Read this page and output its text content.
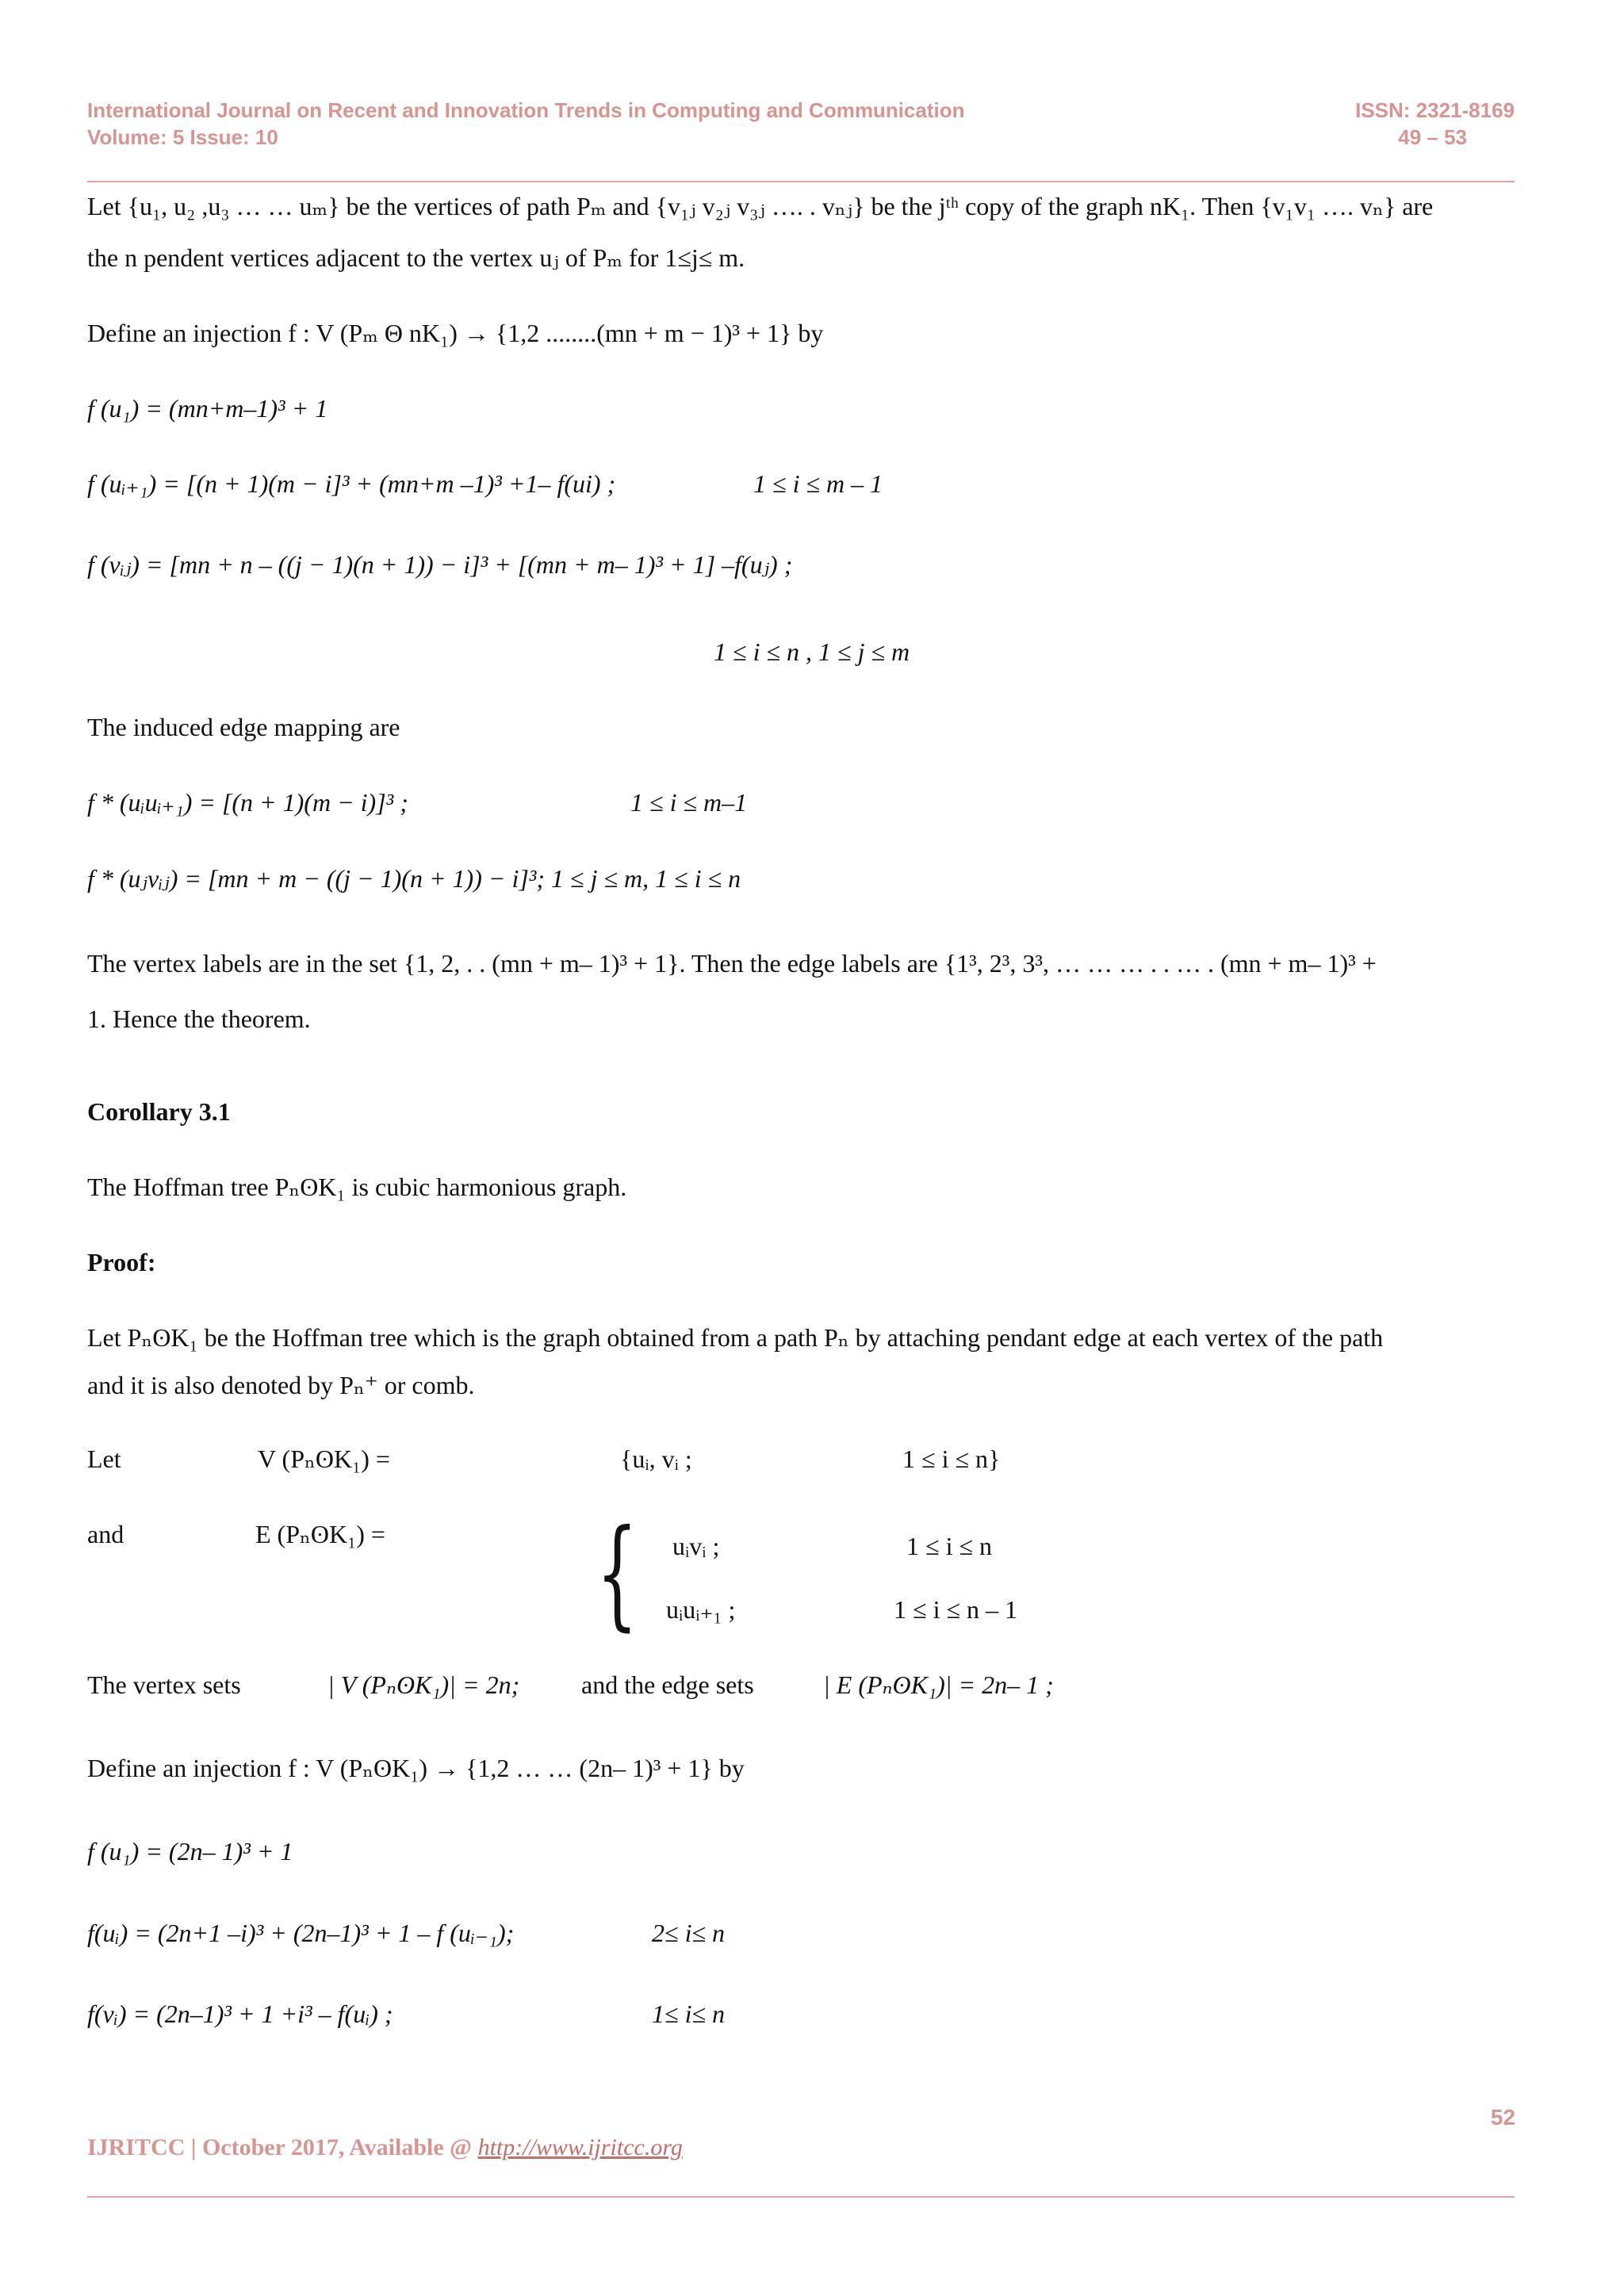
International Journal on Recent and Innovation Trends in Computing and Communication
Volume: 5 Issue: 10
ISSN: 2321-8169
49 – 53
Let {u₁, u₂ ,u₃ … … uₘ} be the vertices of path Pₘ and {v₁ⱼ v₂ⱼ v₃ⱼ …. . vₙⱼ} be the jᵗʰ copy of the graph nK₁. Then {v₁v₁ …. vₙ} are
the n pendent vertices adjacent to the vertex uⱼ of Pₘ for 1≤j≤ m.
Define an injection f : V (Pₘ Θ nK₁) → {1,2 ........(mn + m − 1)³ + 1} by
f (u₁) = (mn+m–1)³ + 1
f (uᵢ₊₁) = [(n + 1)(m − i]³ + (mn+m –1)³ +1– f(ui) ;	1 ≤ i ≤ m – 1
f (vᵢⱼ) = [mn + n – ((j − 1)(n + 1)) − i]³ + [(mn + m– 1)³ + 1] –f(uⱼ) ;
1 ≤ i ≤ n , 1 ≤ j ≤ m
The induced edge mapping are
f * (uᵢuᵢ₊₁) = [(n + 1)(m − i)]³ ;	1 ≤ i ≤ m–1
f * (uⱼvᵢⱼ) = [mn + m − ((j − 1)(n + 1)) − i]³; 1 ≤ j ≤ m, 1 ≤ i ≤ n
The vertex labels are in the set {1, 2, . . (mn + m– 1)³ + 1}. Then the edge labels are {1³, 2³, 3³, … … … . . … . (mn + m– 1)³ +
1. Hence the theorem.
Corollary 3.1
The Hoffman tree PₙʘK₁ is cubic harmonious graph.
Proof:
Let PₙʘK₁ be the Hoffman tree which is the graph obtained from a path Pₙ by attaching pendant edge at each vertex of the path
and it is also denoted by Pₙ⁺ or comb.
Let	V (PₙʘK₁) =	{uᵢ, vᵢ ;	1 ≤ i ≤ n}
and	E (PₙʘK₁) = { uᵢvᵢ ;	1 ≤ i ≤ n
uᵢuᵢ₊₁ ;	1 ≤ i ≤ n – 1
The vertex sets	| V (PₙʘK₁)| = 2n; and the edge sets	| E (PₙʘK₁)| = 2n– 1 ;
Define an injection f : V (PₙʘK₁) → {1,2 … … (2n– 1)³ + 1} by
f (u₁) = (2n– 1)³ + 1
f(uᵢ) = (2n+1 –i)³ + (2n–1)³ + 1 – f (uᵢ₋₁);	2≤ i≤ n
f(vᵢ) = (2n–1)³ + 1 +i³ – f(uᵢ) ;	1≤ i≤ n
52
IJRITCC | October 2017, Available @ http://www.ijritcc.org
